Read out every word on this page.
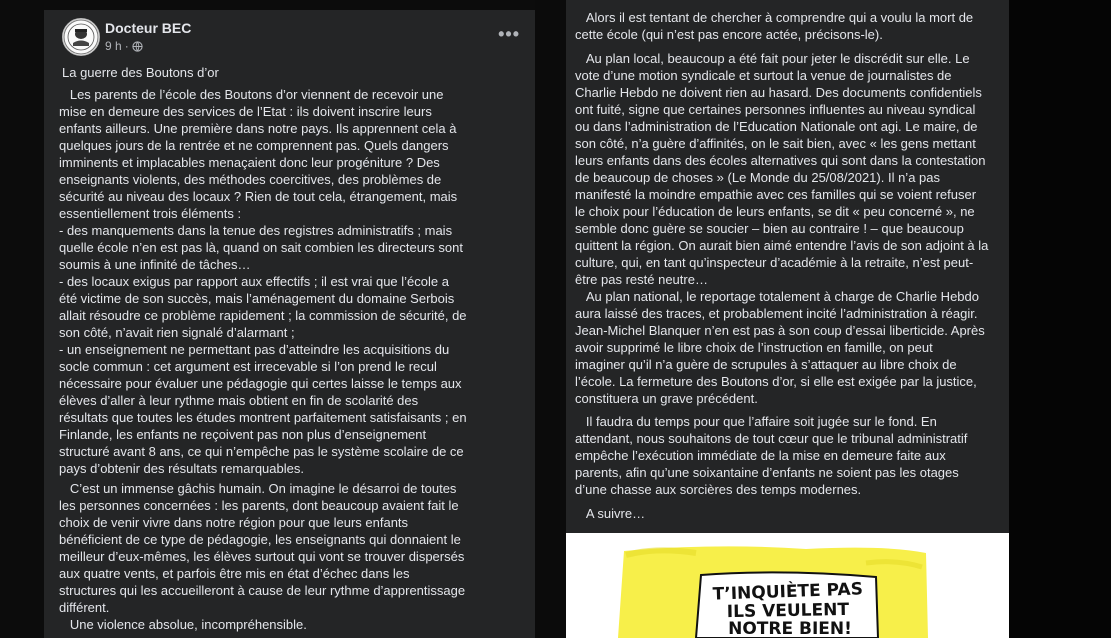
Docteur BEC
9 h ·
•••
La guerre des Boutons d’or

Les parents de l’école des Boutons d’or viennent de recevoir une
mise en demeure des services de l’Etat : ils doivent inscrire leurs
enfants ailleurs. Une première dans notre pays. Ils apprennent cela à
quelques jours de la rentrée et ne comprennent pas. Quels dangers
imminents et implacables menaçaient donc leur progéniture ? Des
enseignants violents, des méthodes coercitives, des problèmes de
sécurité au niveau des locaux ? Rien de tout cela, étrangement, mais
essentiellement trois éléments :
- des manquements dans la tenue des registres administratifs ; mais
quelle école n’en est pas là, quand on sait combien les directeurs sont
soumis à une infinité de tâches…
- des locaux exigus par rapport aux effectifs ; il est vrai que l’école a
été victime de son succès, mais l’aménagement du domaine Serbois
allait résoudre ce problème rapidement ; la commission de sécurité, de
son côté, n’avait rien signalé d’alarmant ;
- un enseignement ne permettant pas d’atteindre les acquisitions du
socle commun : cet argument est irrecevable si l’on prend le recul
nécessaire pour évaluer une pédagogie qui certes laisse le temps aux
élèves d’aller à leur rythme mais obtient en fin de scolarité des
résultats que toutes les études montrent parfaitement satisfaisants ; en
Finlande, les enfants ne reçoivent pas non plus d’enseignement
structuré avant 8 ans, ce qui n’empêche pas le système scolaire de ce
pays d’obtenir des résultats remarquables.

C’est un immense gâchis humain. On imagine le désarroi de toutes
les personnes concernées : les parents, dont beaucoup avaient fait le
choix de venir vivre dans notre région pour que leurs enfants
bénéficient de ce type de pédagogie, les enseignants qui donnaient le
meilleur d’eux-mêmes, les élèves surtout qui vont se trouver dispersés
aux quatre vents, et parfois être mis en état d’échec dans les
structures qui les accueilleront à cause de leur rythme d’apprentissage
différent.
Une violence absolue, incompréhensible.

Alors il est tentant de chercher à comprendre qui a voulu la mort de
cette école (qui n’est pas encore actée, précisons-le).

Au plan local, beaucoup a été fait pour jeter le discrédit sur elle. Le
vote d’une motion syndicale et surtout la venue de journalistes de
Charlie Hebdo ne doivent rien au hasard. Des documents confidentiels
ont fuité, signe que certaines personnes influentes au niveau syndical
ou dans l’administration de l’Education Nationale ont agi. Le maire, de
son côté, n’a guère d’affinités, on le sait bien, avec « les gens mettant
leurs enfants dans des écoles alternatives qui sont dans la contestation
de beaucoup de choses » (Le Monde du 25/08/2021). Il n’a pas
manifesté la moindre empathie avec ces familles qui se voient refuser
le choix pour l’éducation de leurs enfants, se dit « peu concerné », ne
semble donc guère se soucier – bien au contraire ! – que beaucoup
quittent la région. On aurait bien aimé entendre l’avis de son adjoint à la
culture, qui, en tant qu’inspecteur d’académie à la retraite, n’est peut-
être pas resté neutre…
Au plan national, le reportage totalement à charge de Charlie Hebdo
aura laissé des traces, et probablement incité l’administration à réagir.
Jean-Michel Blanquer n’en est pas à son coup d’essai liberticide. Après
avoir supprimé le libre choix de l’instruction en famille, on peut
imaginer qu’il n’a guère de scrupules à s’attaquer au libre choix de
l’école. La fermeture des Boutons d’or, si elle est exigée par la justice,
constituera un grave précédent.

Il faudra du temps pour que l’affaire soit jugée sur le fond. En
attendant, nous souhaitons de tout cœur que le tribunal administratif
empêche l’exécution immédiate de la mise en demeure faite aux
parents, afin qu’une soixantaine d’enfants ne soient pas les otages
d’une chasse aux sorcières des temps modernes.

A suivre…

T’INQUIÈTE PAS
ILS VEULENT
NOTRE BIEN!
